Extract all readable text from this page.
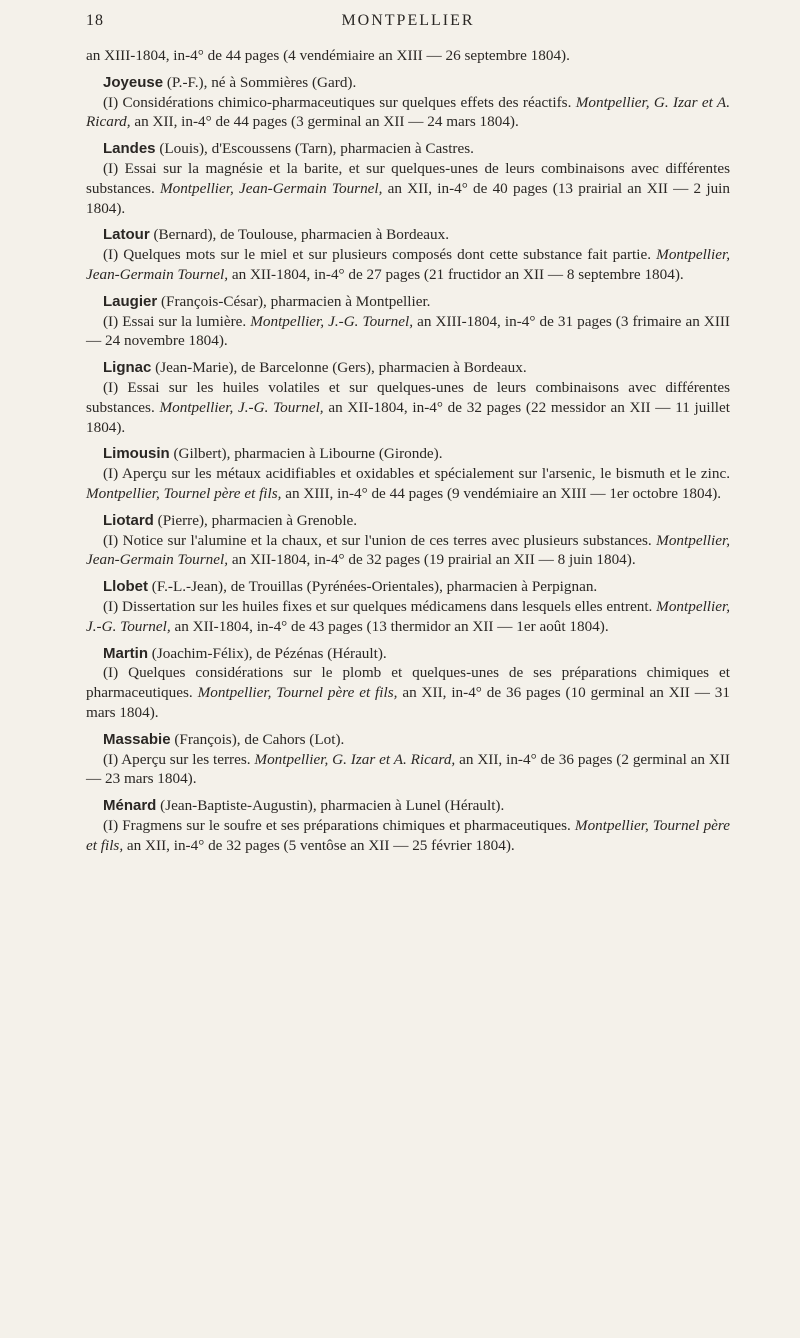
18	MONTPELLIER

an XIII-1804, in-4° de 44 pages (4 vendémiaire an XIII — 26 septembre 1804).

Joyeuse (P.-F.), né à Sommières (Gard).

(I) Considérations chimico-pharmaceutiques sur quelques effets des réactifs. Montpellier, G. Izar et A. Ricard, an XII, in-4° de 44 pages (3 germinal an XII — 24 mars 1804).

Landes (Louis), d'Escoussens (Tarn), pharmacien à Castres.

(I) Essai sur la magnésie et la barite, et sur quelques-unes de leurs combinaisons avec différentes substances. Montpellier, Jean-Germain Tournel, an XII, in-4° de 40 pages (13 prairial an XII — 2 juin 1804).

Latour (Bernard), de Toulouse, pharmacien à Bordeaux.

(I) Quelques mots sur le miel et sur plusieurs composés dont cette substance fait partie. Montpellier, Jean-Germain Tournel, an XII-1804, in-4° de 27 pages (21 fructidor an XII — 8 septembre 1804).

Laugier (François-César), pharmacien à Montpellier.

(I) Essai sur la lumière. Montpellier, J.-G. Tournel, an XIII-1804, in-4° de 31 pages (3 frimaire an XIII — 24 novembre 1804).

Lignac (Jean-Marie), de Barcelonne (Gers), pharmacien à Bordeaux.

(I) Essai sur les huiles volatiles et sur quelques-unes de leurs combinaisons avec différentes substances. Montpellier, J.-G. Tournel, an XII-1804, in-4° de 32 pages (22 messidor an XII — 11 juillet 1804).

Limousin (Gilbert), pharmacien à Libourne (Gironde).

(I) Aperçu sur les métaux acidifiables et oxidables et spécialement sur l'arsenic, le bismuth et le zinc. Montpellier, Tournel père et fils, an XIII, in-4° de 44 pages (9 vendémiaire an XIII — 1er octobre 1804).

Liotard (Pierre), pharmacien à Grenoble.

(I) Notice sur l'alumine et la chaux, et sur l'union de ces terres avec plusieurs substances. Montpellier, Jean-Germain Tournel, an XII-1804, in-4° de 32 pages (19 prairial an XII — 8 juin 1804).

Llobet (F.-L.-Jean), de Trouillas (Pyrénées-Orientales), pharmacien à Perpignan.

(I) Dissertation sur les huiles fixes et sur quelques médicamens dans lesquels elles entrent. Montpellier, J.-G. Tournel, an XII-1804, in-4° de 43 pages (13 thermidor an XII — 1er août 1804).

Martin (Joachim-Félix), de Pézénas (Hérault).

(I) Quelques considérations sur le plomb et quelques-unes de ses préparations chimiques et pharmaceutiques. Montpellier, Tournel père et fils, an XII, in-4° de 36 pages (10 germinal an XII — 31 mars 1804).

Massabie (François), de Cahors (Lot).

(I) Aperçu sur les terres. Montpellier, G. Izar et A. Ricard, an XII, in-4° de 36 pages (2 germinal an XII — 23 mars 1804).

Ménard (Jean-Baptiste-Augustin), pharmacien à Lunel (Hérault).

(I) Fragmens sur le soufre et ses préparations chimiques et pharmaceutiques. Montpellier, Tournel père et fils, an XII, in-4° de 32 pages (5 ventôse an XII — 25 février 1804).
